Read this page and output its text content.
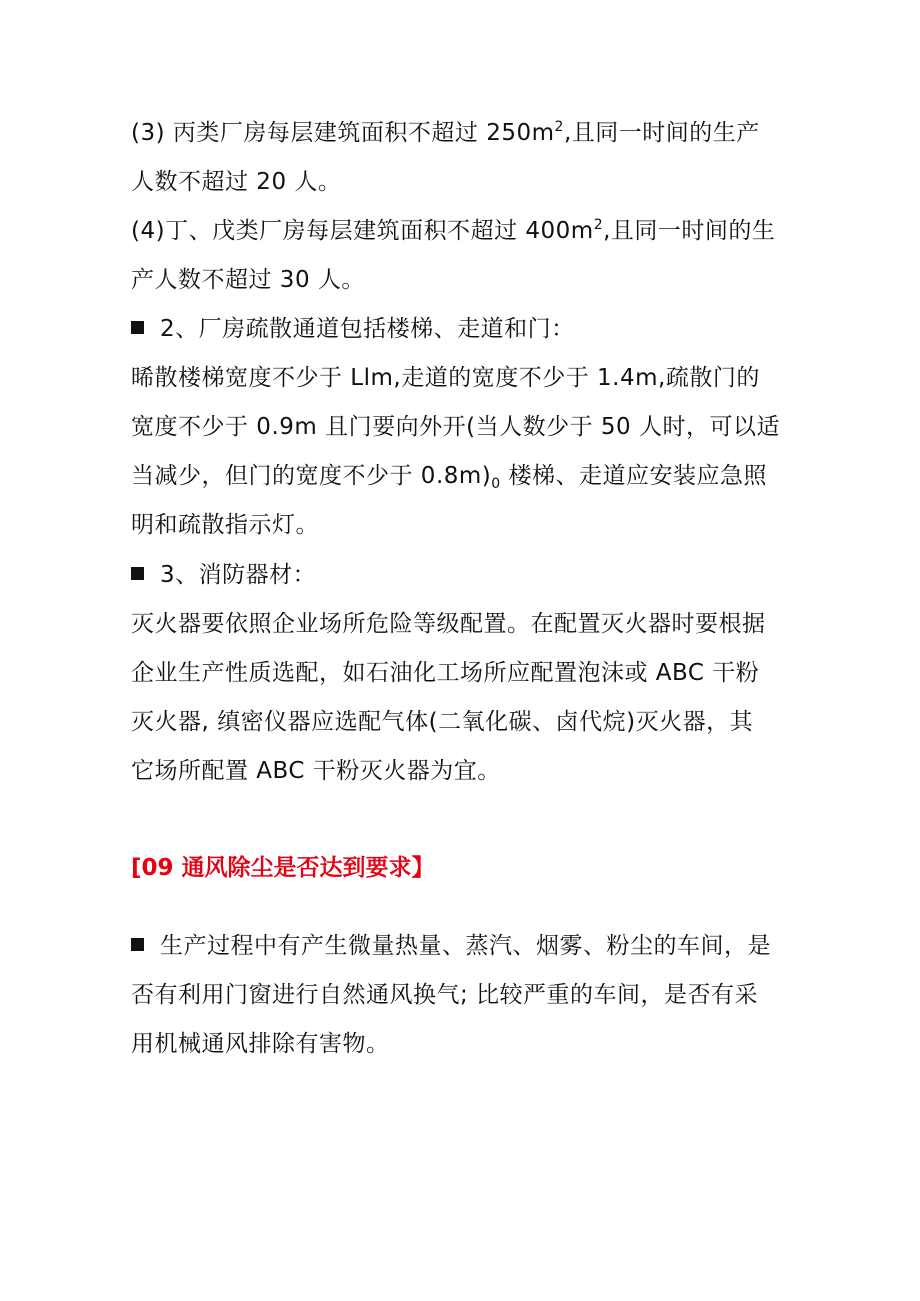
(3) 丙类厂房每层建筑面积不超过 $250m^2$,且同一时间的生产
人数不超过 20 人。
(4)丁、戊类厂房每层建筑面积不超过 $400m^2$,且同一时间的生
产人数不超过 30 人。
2、厂房疏散通道包括楼梯、走道和门：
晞散楼梯宽度不少于 Llm,走道的宽度不少于 1.4m,疏散门的
宽度不少于 0.9m 且门要向外开(当人数少于 50 人时，可以适
当减少，但门的宽度不少于 $0.8m)_0$ 楼梯、走道应安装应急照
明和疏散指示灯。
3、消防器材：
灭火器要依照企业场所危险等级配置。在配置灭火器时要根据
企业生产性质选配，如石油化工场所应配置泡沫或 ABC 干粉
灭火器, 缜密仪器应选配气体(二氧化碳、卤代烷)灭火器，其
它场所配置 ABC 干粉灭火器为宜。
[09 通风除尘是否达到要求】
生产过程中有产生微量热量、蒸汽、烟雾、粉尘的车间，是
否有利用门窗进行自然通风换气; 比较严重的车间，是否有采
用机械通风排除有害物。
